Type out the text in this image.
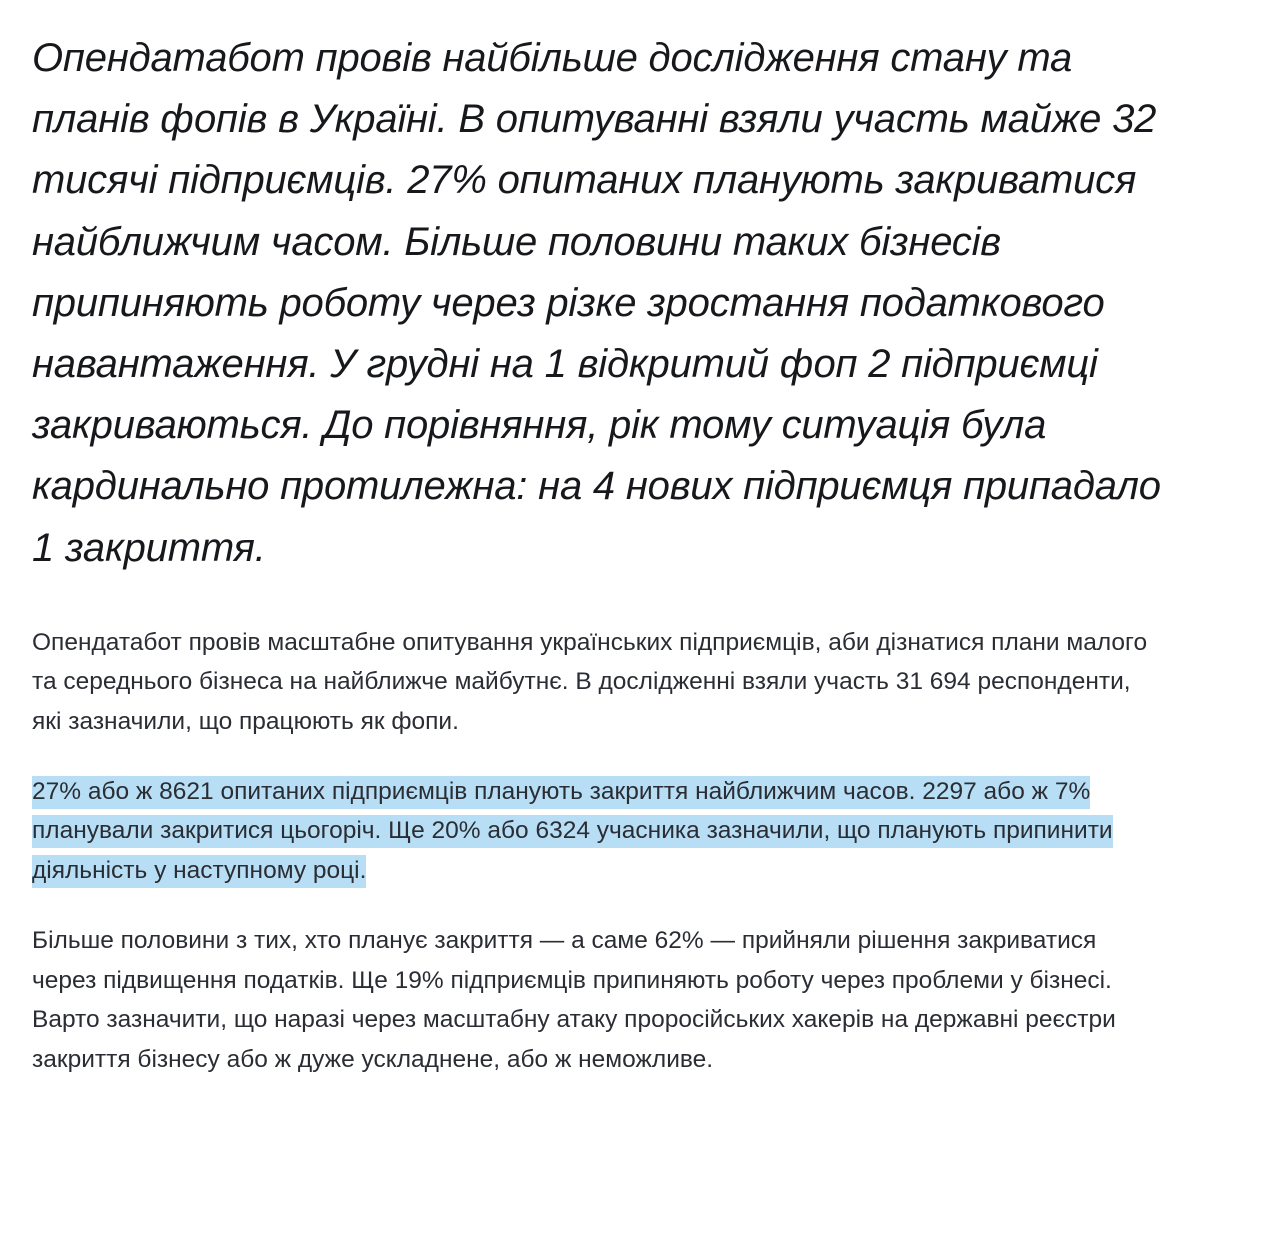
Опендатабот провів найбільше дослідження стану та планів фопів в Україні. В опитуванні взяли участь майже 32 тисячі підприємців. 27% опитаних планують закриватися найближчим часом. Більше половини таких бізнесів припиняють роботу через різке зростання податкового навантаження. У грудні на 1 відкритий фоп 2 підприємці закриваються. До порівняння, рік тому ситуація була кардинально протилежна: на 4 нових підприємця припадало 1 закриття.

Опендатабот провів масштабне опитування українських підприємців, аби дізнатися плани малого та середнього бізнеса на найближче майбутнє. В дослідженні взяли участь 31 694 респонденти, які зазначили, що працюють як фопи.

27% або ж 8621 опитаних підприємців планують закриття найближчим часов. 2297 або ж 7% планували закритися цьогоріч. Ще 20% або 6324 учасника зазначили, що планують припинити діяльність у наступному році.

Більше половини з тих, хто планує закриття — а саме 62% — прийняли рішення закриватися через підвищення податків. Ще 19% підприємців припиняють роботу через проблеми у бізнесі. Варто зазначити, що наразі через масштабну атаку проросійських хакерів на державні реєстри закриття бізнесу або ж дуже ускладнене, або ж неможливе.
